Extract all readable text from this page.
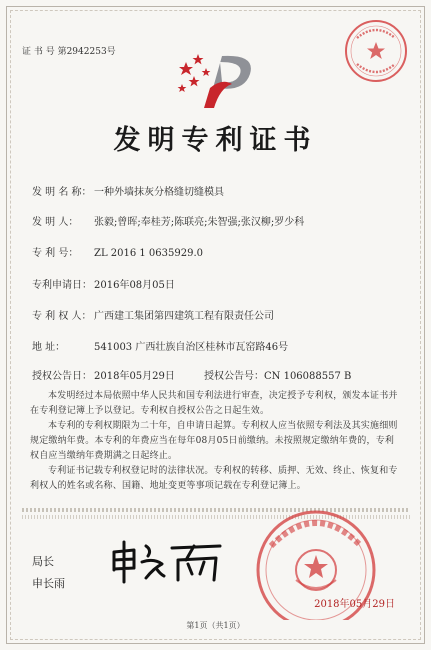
证 书 号 第2942253号
发明专利证书
发 明 名 称： 一种外墙抹灰分格缝切缝模具
发 明 人： 张毅;曾晖;奉桂芳;陈联亮;朱智强;张汉柳;罗少科
专 利 号： ZL 2016 1 0635929.0
专利申请日： 2016年08月05日
专 利 权 人： 广西建工集团第四建筑工程有限责任公司
地 址：	541003 广西壮族自治区桂林市瓦窑路46号
授权公告日： 2018年05月29日	授权公告号：CN 106088557 B

本发明经过本局依照中华人民共和国专利法进行审查，决定授予专利权，颁发本证书并在专利登记簿上予以登记。专利权自授权公告之日起生效。

本专利的专利权期限为二十年，自申请日起算。专利权人应当依照专利法及其实施细则规定缴纳年费。本专利的年费应当在每年08月05日前缴纳。未按照规定缴纳年费的，专利权自应当缴纳年费期满之日起终止。

专利证书记载专利权登记时的法律状况。专利权的转移、质押、无效、终止、恢复和专利权人的姓名或名称、国籍、地址变更等事项记载在专利登记簿上。

局长
申长雨
2018年05月29日
第1页（共1页）
